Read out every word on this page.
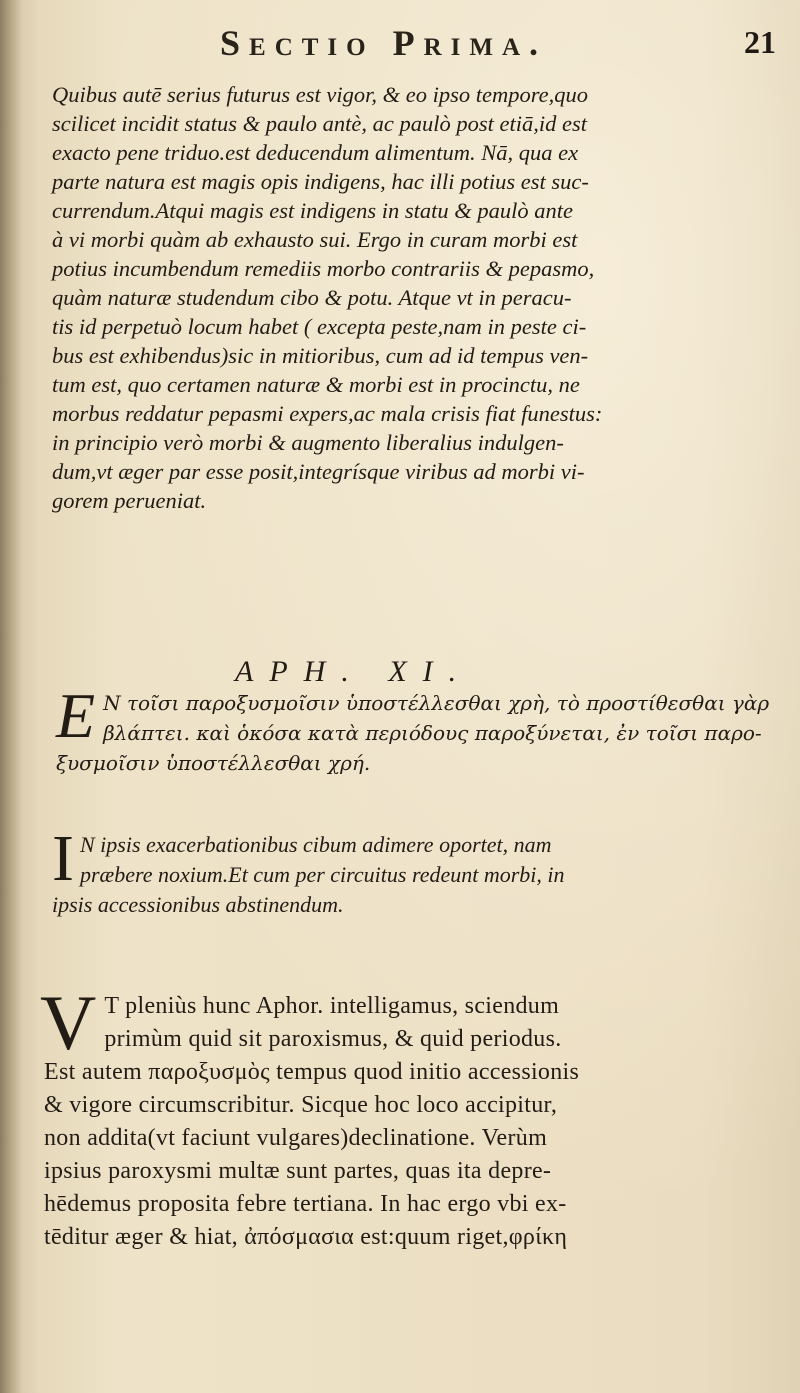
Sectio Prima.	21
Quibus autē serius futurus est vigor, & eo ipso tempore,quo
scilicet incidit status & paulo antè, ac paulò post etiā,id est
exacto pene triduo.est deducendum alimentum. Nā, qua ex
parte natura est magis opis indigens, hac illi potius est suc-
currendum.Atqui magis est indigens in statu & paulò ante
à vi morbi quàm ab exhausto sui. Ergo in curam morbi est
potius incumbendum remediis morbo contrariis & pepasmo,
quàm naturæ studendum cibo & potu. Atque vt in peracu-
tis id perpetuò locum habet ( excepta peste,nam in peste ci-
bus est exhibendus)sic in mitioribus, cum ad id tempus ven-
tum est, quo certamen naturæ & morbi est in procinctu, ne
morbus reddatur pepasmi expers,ac mala crisis fiat funestus:
in principio verò morbi & augmento liberalius indulgen-
dum,vt æger par esse posit,integrísque viribus ad morbi vi-
gorem perueniat.
APH. XI.
E N τοῖσι παροξυσμοῖσιν ὑποστέλλεσθαι χρὴ, τὸ προστίθεσθαι γὰρ
βλάπτει. καὶ ὁκόσα κατὰ περιόδους παροξύνεται, ἐν τοῖσι παρο-
ξυσμοῖσιν ὑποστέλλεσθαι χρή.
I N ipsis exacerbationibus cibum adimere oportet, nam
præbere noxium.Et cum per circuitus redeunt morbi, in
ipsis accessionibus abstinendum.
V T pleniùs hunc Aphor. intelligamus, sciendum
primùm quid sit paroxismus, & quid periodus.
Est autem παροξυσμὸς tempus quod initio accessionis
& vigore circumscribitur. Sicque hoc loco accipitur,
non addita(vt faciunt vulgares)declinatione. Verùm
ipsius paroxysmi multæ sunt partes, quas ita depre-
hēdemus proposita febre tertiana. In hac ergo vbi ex-
tēditur æger & hiat, ἀπόσμασια est:quum riget,φρίκη
